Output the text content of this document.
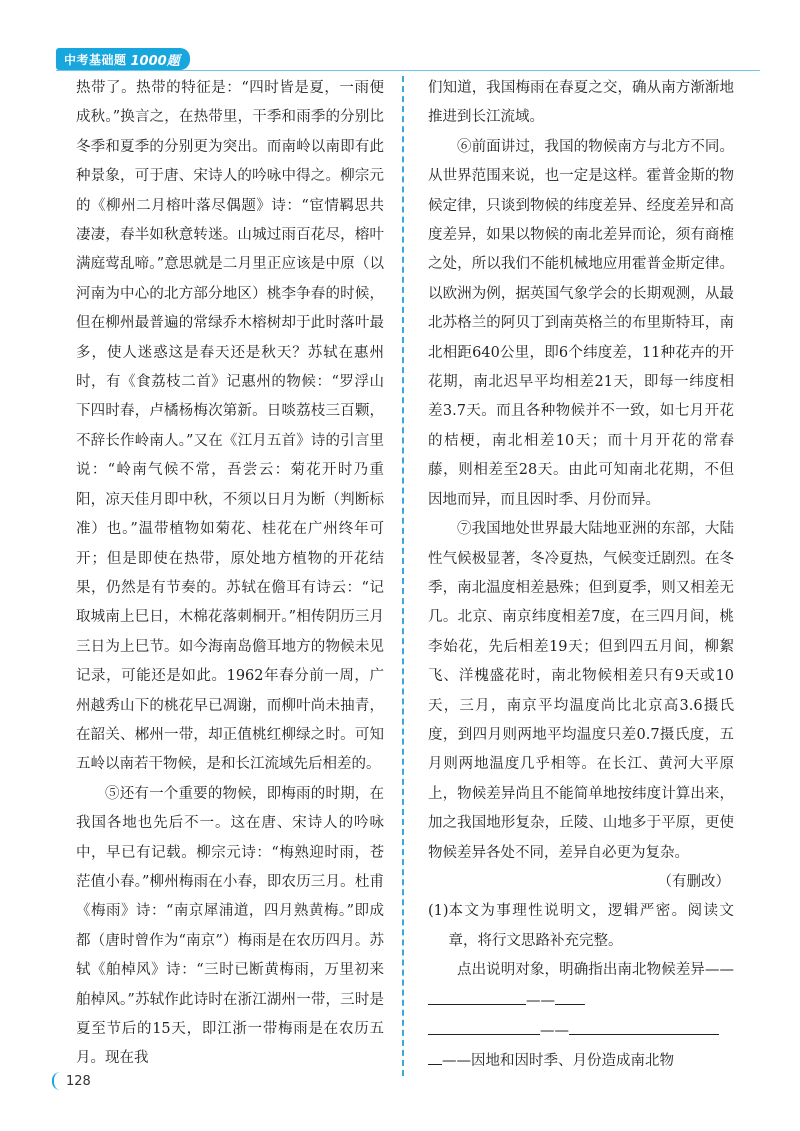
中考基础题 1000题

热带了。热带的特征是：“四时皆是夏，一雨便成秋。”换言之，在热带里，干季和雨季的分别比冬季和夏季的分别更为突出。而南岭以南即有此种景象，可于唐、宋诗人的吟咏中得之。柳宗元的《柳州二月榕叶落尽偶题》诗：“宦情羁思共凄凄，春半如秋意转迷。山城过雨百花尽，榕叶满庭莺乱啼。”意思就是二月里正应该是中原（以河南为中心的北方部分地区）桃李争春的时候，但在柳州最普遍的常绿乔木榕树却于此时落叶最多，使人迷惑这是春天还是秋天？苏轼在惠州时，有《食荔枝二首》记惠州的物候：“罗浮山下四时春，卢橘杨梅次第新。日啖荔枝三百颗，不辞长作岭南人。”又在《江月五首》诗的引言里说：“岭南气候不常，吾尝云：菊花开时乃重阳，凉天佳月即中秋，不须以日月为断（判断标准）也。”温带植物如菊花、桂花在广州终年可开；但是即使在热带，原处地方植物的开花结果，仍然是有节奏的。苏轼在儋耳有诗云：“记取城南上巳日，木棉花落刺桐开。”相传阴历三月三日为上巳节。如今海南岛儋耳地方的物候未见记录，可能还是如此。1962年春分前一周，广州越秀山下的桃花早已凋谢，而柳叶尚未抽青，在韶关、郴州一带，却正值桃红柳绿之时。可知五岭以南若干物候，是和长江流域先后相差的。

⑤还有一个重要的物候，即梅雨的时期，在我国各地也先后不一。这在唐、宋诗人的吟咏中，早已有记载。柳宗元诗：“梅熟迎时雨，苍茫值小春。”柳州梅雨在小春，即农历三月。杜甫《梅雨》诗：“南京犀浦道，四月熟黄梅。”即成都（唐时曾作为“南京”）梅雨是在农历四月。苏轼《舶棹风》诗：“三时已断黄梅雨，万里初来舶棹风。”苏轼作此诗时在浙江湖州一带，三时是夏至节后的15天，即江浙一带梅雨是在农历五月。现在我

们知道，我国梅雨在春夏之交，确从南方渐渐地推进到长江流域。

⑥前面讲过，我国的物候南方与北方不同。从世界范围来说，也一定是这样。霍普金斯的物候定律，只谈到物候的纬度差异、经度差异和高度差异，如果以物候的南北差异而论，须有商榷之处，所以我们不能机械地应用霍普金斯定律。以欧洲为例，据英国气象学会的长期观测，从最北苏格兰的阿贝丁到南英格兰的布里斯特耳，南北相距640公里，即6个纬度差，11种花卉的开花期，南北迟早平均相差21天，即每一纬度相差3.7天。而且各种物候并不一致，如七月开花的桔梗，南北相差10天；而十月开花的常春藤，则相差至28天。由此可知南北花期，不但因地而异，而且因时季、月份而异。

⑦我国地处世界最大陆地亚洲的东部，大陆性气候极显著，冬冷夏热，气候变迁剧烈。在冬季，南北温度相差悬殊；但到夏季，则又相差无几。北京、南京纬度相差7度，在三四月间，桃李始花，先后相差19天；但到四五月间，柳絮飞、洋槐盛花时，南北物候相差只有9天或10天，三月，南京平均温度尚比北京高3.6摄氏度，到四月则两地平均温度只差0.7摄氏度，五月则两地温度几乎相等。在长江、黄河大平原上，物候差异尚且不能简单地按纬度计算出来，加之我国地形复杂，丘陵、山地多于平原，更使物候差异各处不同，差异自必更为复杂。

（有删改）

(1) 本文为事理性说明文，逻辑严密。阅读文章，将行文思路补充完整。

点出说明对象，明确指出南北物候差异————

——

——因地和因时季、月份造成南北物

128
